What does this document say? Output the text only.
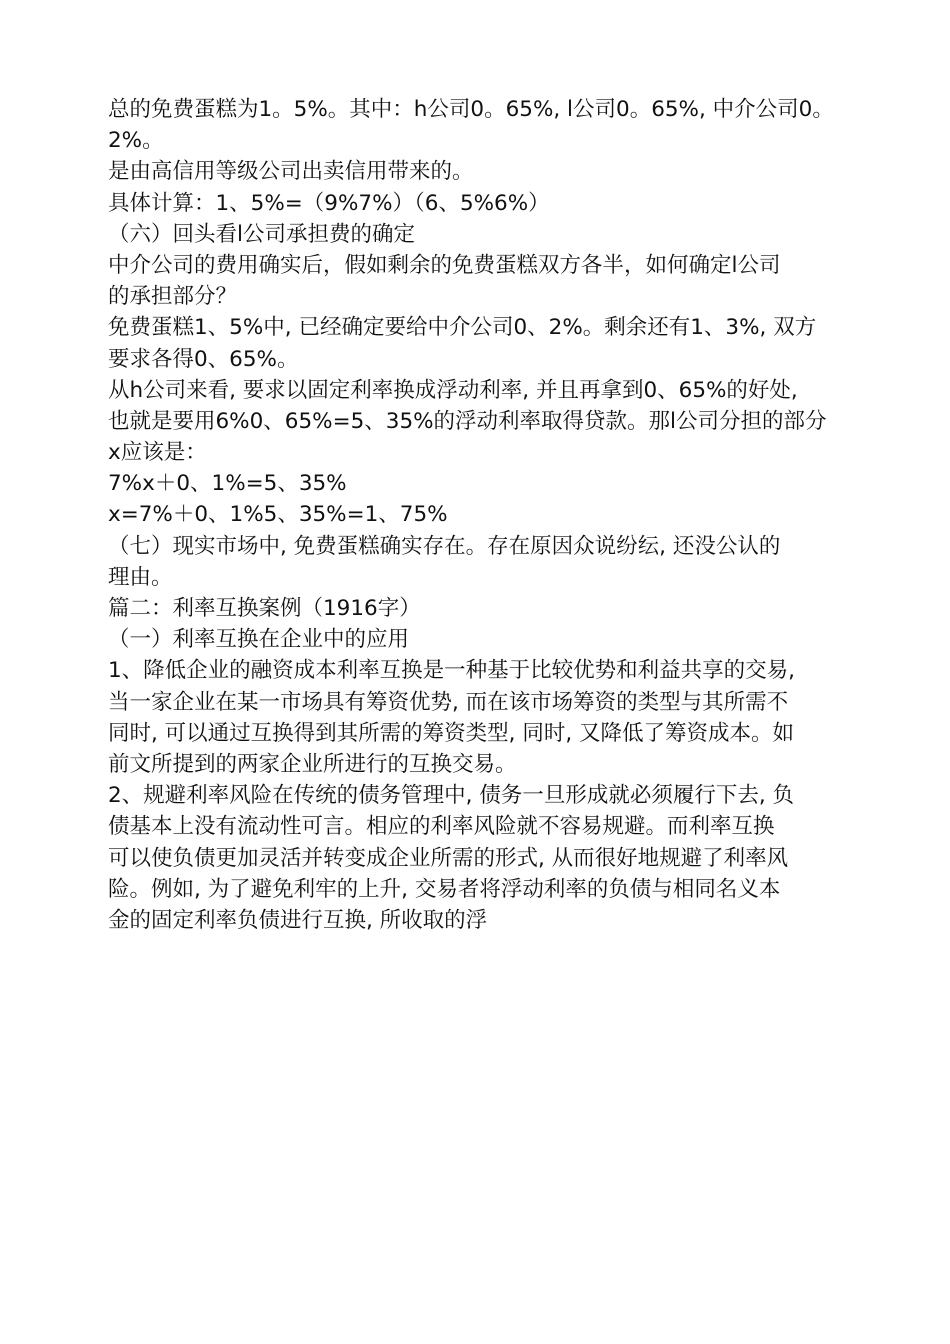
总的免费蛋糕为1。5%。其中：h公司0。65%, l公司0。65%, 中介公司0。
2%。
是由高信用等级公司出卖信用带来的。
具体计算：1、5%=（9%7%）（6、5%6%）
（六）回头看l公司承担费的确定
中介公司的费用确实后，假如剩余的免费蛋糕双方各半，如何确定l公司
的承担部分？
免费蛋糕1、5%中, 已经确定要给中介公司0、2%。剩余还有1、3%, 双方
要求各得0、65%。
从h公司来看, 要求以固定利率换成浮动利率, 并且再拿到0、65%的好处,
也就是要用6%0、65%=5、35%的浮动利率取得贷款。那l公司分担的部分
x应该是：
7%x＋0、1%=5、35%
x=7%＋0、1%5、35%=1、75%
（七）现实市场中, 免费蛋糕确实存在。存在原因众说纷纭, 还没公认的
理由。
篇二：利率互换案例（1916字）
（一）利率互换在企业中的应用
1、降低企业的融资成本利率互换是一种基于比较优势和利益共享的交易,
当一家企业在某一市场具有筹资优势, 而在该市场筹资的类型与其所需不
同时, 可以通过互换得到其所需的筹资类型, 同时, 又降低了筹资成本。如
前文所提到的两家企业所进行的互换交易。
2、规避利率风险在传统的债务管理中, 债务一旦形成就必须履行下去, 负
债基本上没有流动性可言。相应的利率风险就不容易规避。而利率互换
可以使负债更加灵活并转变成企业所需的形式, 从而很好地规避了利率风
险。例如, 为了避免利牢的上升, 交易者将浮动利率的负债与相同名义本
金的固定利率负债进行互换, 所收取的浮
